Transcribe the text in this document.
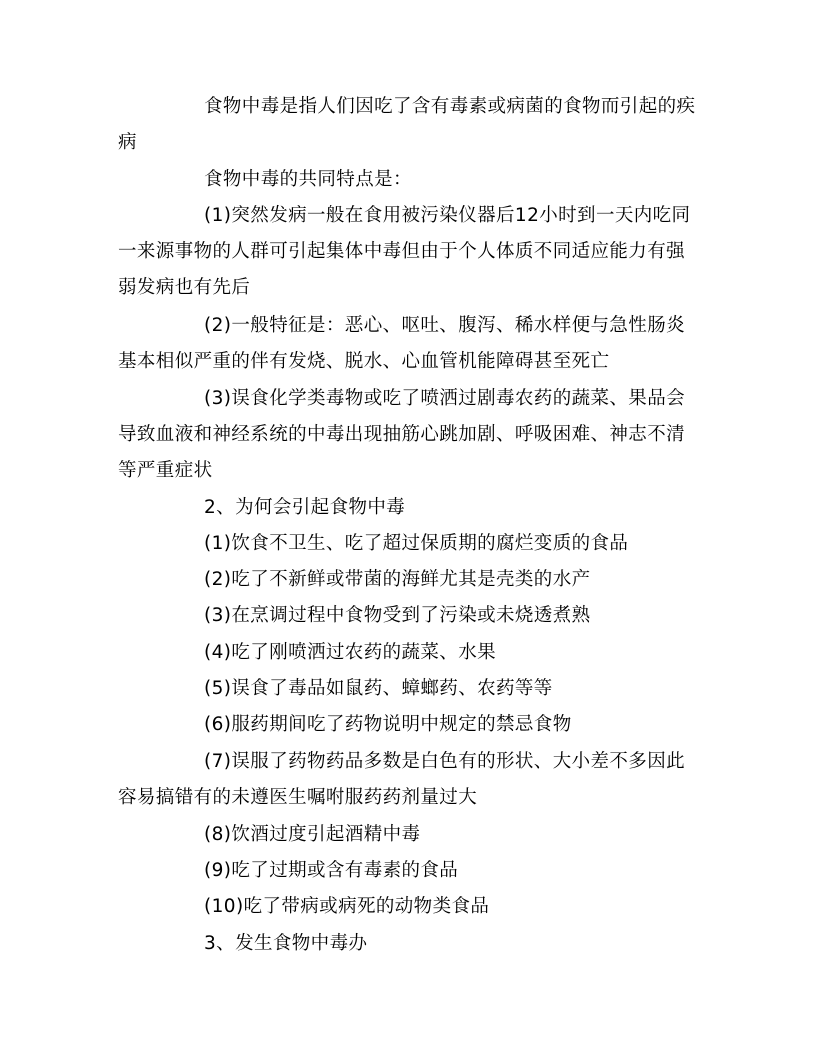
食物中毒是指人们因吃了含有毒素或病菌的食物而引起的疾病

食物中毒的共同特点是：

(1)突然发病一般在食用被污染仪器后12小时到一天内吃同一来源事物的人群可引起集体中毒但由于个人体质不同适应能力有强弱发病也有先后

(2)一般特征是：恶心、呕吐、腹泻、稀水样便与急性肠炎基本相似严重的伴有发烧、脱水、心血管机能障碍甚至死亡

(3)误食化学类毒物或吃了喷洒过剧毒农药的蔬菜、果品会导致血液和神经系统的中毒出现抽筋心跳加剧、呼吸困难、神志不清等严重症状

2、为何会引起食物中毒

(1)饮食不卫生、吃了超过保质期的腐烂变质的食品

(2)吃了不新鲜或带菌的海鲜尤其是壳类的水产

(3)在烹调过程中食物受到了污染或未烧透煮熟

(4)吃了刚喷洒过农药的蔬菜、水果

(5)误食了毒品如鼠药、蟑螂药、农药等等

(6)服药期间吃了药物说明中规定的禁忌食物

(7)误服了药物药品多数是白色有的形状、大小差不多因此容易搞错有的未遵医生嘱咐服药药剂量过大

(8)饮酒过度引起酒精中毒

(9)吃了过期或含有毒素的食品

(10)吃了带病或病死的动物类食品

3、发生食物中毒办
